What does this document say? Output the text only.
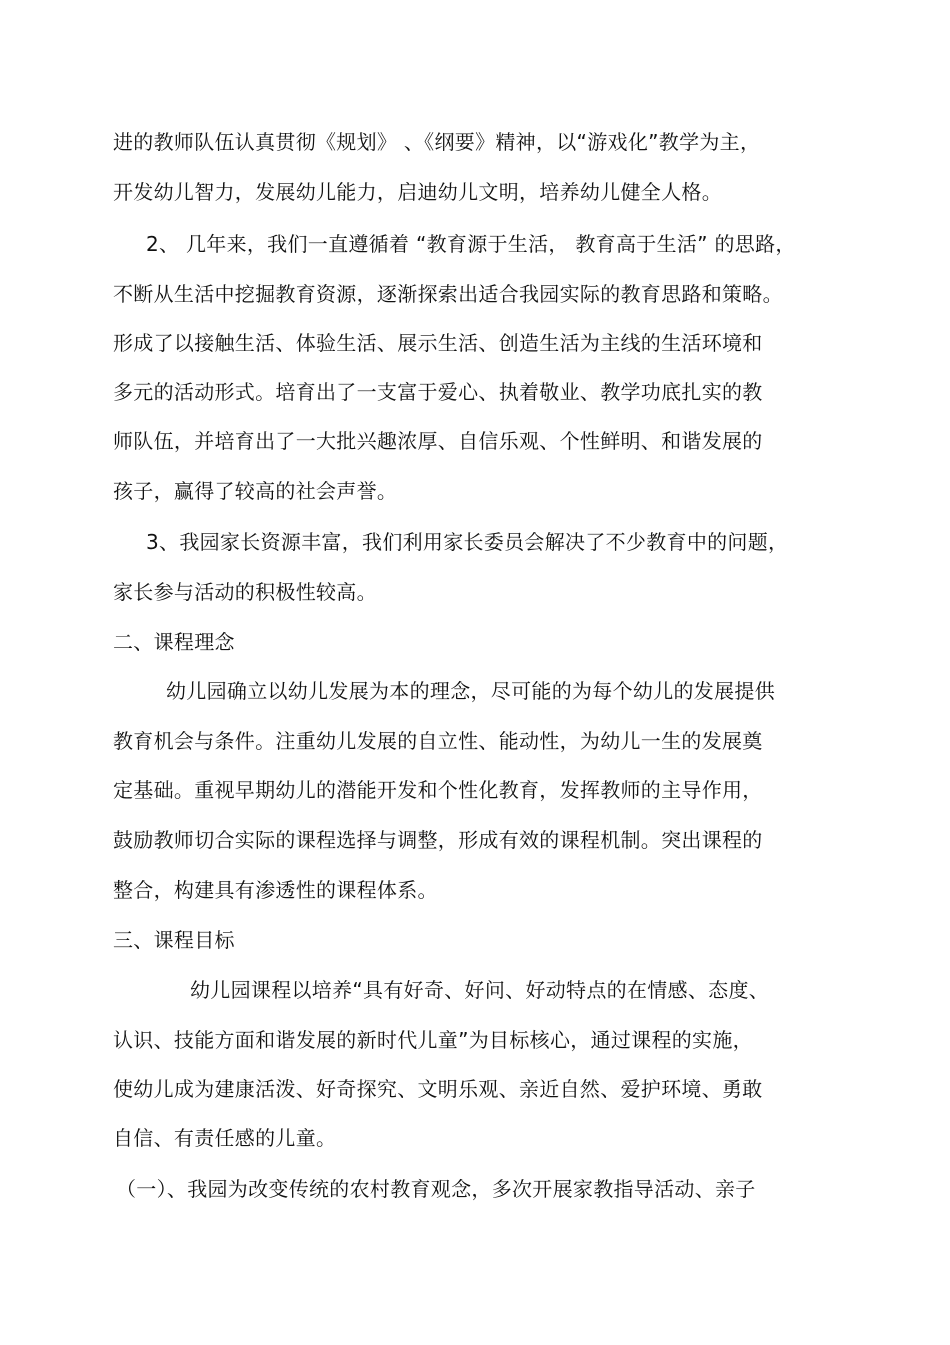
进的教师队伍认真贯彻《规划》 、《纲要》精神，以“游戏化”教学为主，
开发幼儿智力，发展幼儿能力，启迪幼儿文明，培养幼儿健全人格。
2、 几年来，我们一直遵循着 “教育源于生活， 教育高于生活” 的思路，
不断从生活中挖掘教育资源，逐渐探索出适合我园实际的教育思路和策略。
形成了以接触生活、体验生活、展示生活、创造生活为主线的生活环境和
多元的活动形式。培育出了一支富于爱心、执着敬业、教学功底扎实的教
师队伍，并培育出了一大批兴趣浓厚、自信乐观、个性鲜明、和谐发展的
孩子，赢得了较高的社会声誉。
3、我园家长资源丰富，我们利用家长委员会解决了不少教育中的问题，
家长参与活动的积极性较高。
二、课程理念
幼儿园确立以幼儿发展为本的理念，尽可能的为每个幼儿的发展提供
教育机会与条件。注重幼儿发展的自立性、能动性，为幼儿一生的发展奠
定基础。重视早期幼儿的潜能开发和个性化教育，发挥教师的主导作用，
鼓励教师切合实际的课程选择与调整，形成有效的课程机制。突出课程的
整合，构建具有渗透性的课程体系。
三、课程目标
幼儿园课程以培养“具有好奇、好问、好动特点的在情感、态度、
认识、技能方面和谐发展的新时代儿童”为目标核心，通过课程的实施，
使幼儿成为建康活泼、好奇探究、文明乐观、亲近自然、爱护环境、勇敢
自信、有责任感的儿童。
（一）、我园为改变传统的农村教育观念，多次开展家教指导活动、亲子
